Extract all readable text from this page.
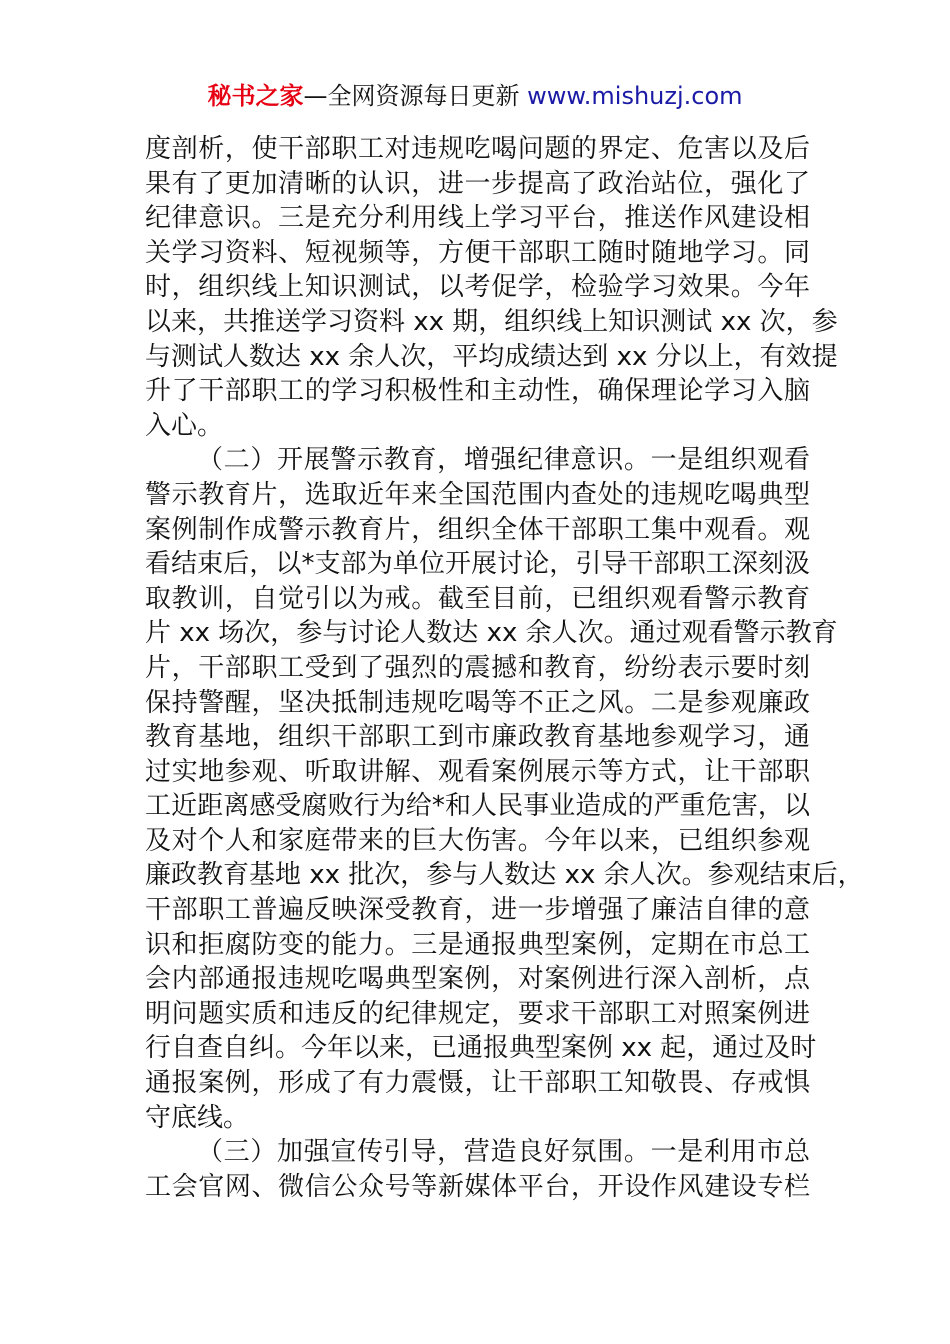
秘书之家—全网资源每日更新 www.mishuzj.com
度剖析，使干部职工对违规吃喝问题的界定、危害以及后
果有了更加清晰的认识，进一步提高了政治站位，强化了
纪律意识。三是充分利用线上学习平台，推送作风建设相
关学习资料、短视频等，方便干部职工随时随地学习。同
时，组织线上知识测试，以考促学，检验学习效果。今年
以来，共推送学习资料 xx 期，组织线上知识测试 xx 次，参
与测试人数达 xx 余人次，平均成绩达到 xx 分以上，有效提
升了干部职工的学习积极性和主动性，确保理论学习入脑
入心。
（二）开展警示教育，增强纪律意识。一是组织观看
警示教育片，选取近年来全国范围内查处的违规吃喝典型
案例制作成警示教育片，组织全体干部职工集中观看。观
看结束后，以*支部为单位开展讨论，引导干部职工深刻汲
取教训，自觉引以为戒。截至目前，已组织观看警示教育
片 xx 场次，参与讨论人数达 xx 余人次。通过观看警示教育
片，干部职工受到了强烈的震撼和教育，纷纷表示要时刻
保持警醒，坚决抵制违规吃喝等不正之风。二是参观廉政
教育基地，组织干部职工到市廉政教育基地参观学习，通
过实地参观、听取讲解、观看案例展示等方式，让干部职
工近距离感受腐败行为给*和人民事业造成的严重危害，以
及对个人和家庭带来的巨大伤害。今年以来，已组织参观
廉政教育基地 xx 批次，参与人数达 xx 余人次。参观结束后，
干部职工普遍反映深受教育，进一步增强了廉洁自律的意
识和拒腐防变的能力。三是通报典型案例，定期在市总工
会内部通报违规吃喝典型案例，对案例进行深入剖析，点
明问题实质和违反的纪律规定，要求干部职工对照案例进
行自查自纠。今年以来，已通报典型案例 xx 起，通过及时
通报案例，形成了有力震慑，让干部职工知敬畏、存戒惧
守底线。
（三）加强宣传引导，营造良好氛围。一是利用市总
工会官网、微信公众号等新媒体平台，开设作风建设专栏
